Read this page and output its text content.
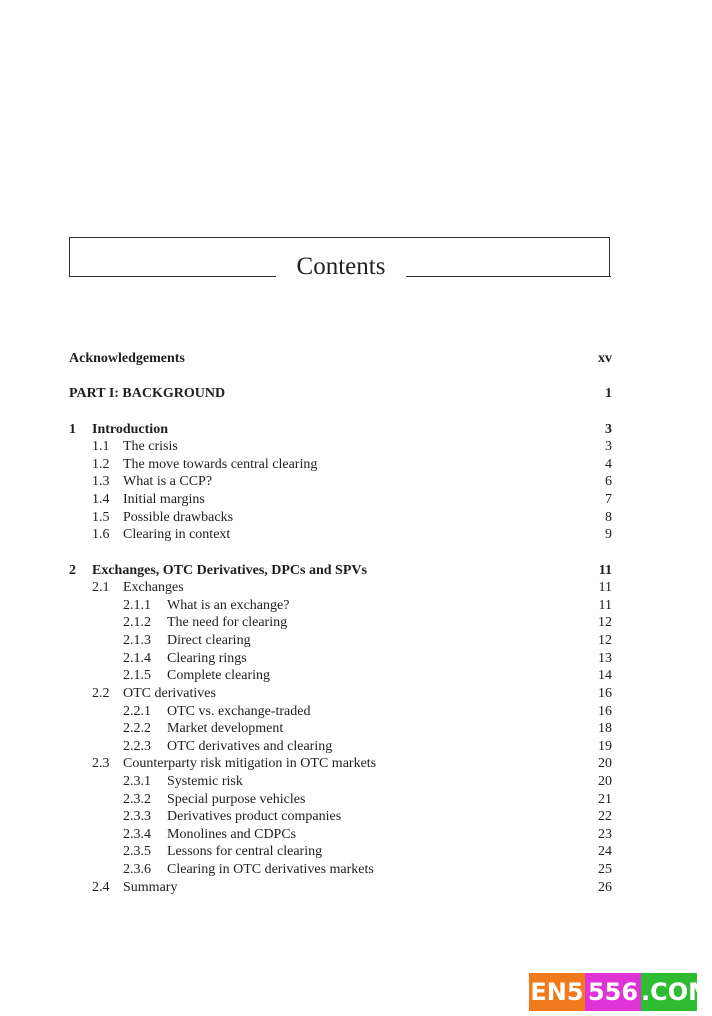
Contents
Acknowledgements	xv
PART I: BACKGROUND	1
1 Introduction	3
1.1 The crisis	3
1.2 The move towards central clearing	4
1.3 What is a CCP?	6
1.4 Initial margins	7
1.5 Possible drawbacks	8
1.6 Clearing in context	9
2 Exchanges, OTC Derivatives, DPCs and SPVs	11
2.1 Exchanges	11
2.1.1 What is an exchange?	11
2.1.2 The need for clearing	12
2.1.3 Direct clearing	12
2.1.4 Clearing rings	13
2.1.5 Complete clearing	14
2.2 OTC derivatives	16
2.2.1 OTC vs. exchange-traded	16
2.2.2 Market development	18
2.2.3 OTC derivatives and clearing	19
2.3 Counterparty risk mitigation in OTC markets	20
2.3.1 Systemic risk	20
2.3.2 Special purpose vehicles	21
2.3.3 Derivatives product companies	22
2.3.4 Monolines and CDPCs	23
2.3.5 Lessons for central clearing	24
2.3.6 Clearing in OTC derivatives markets	25
2.4 Summary	26
EN5 556 .COM
